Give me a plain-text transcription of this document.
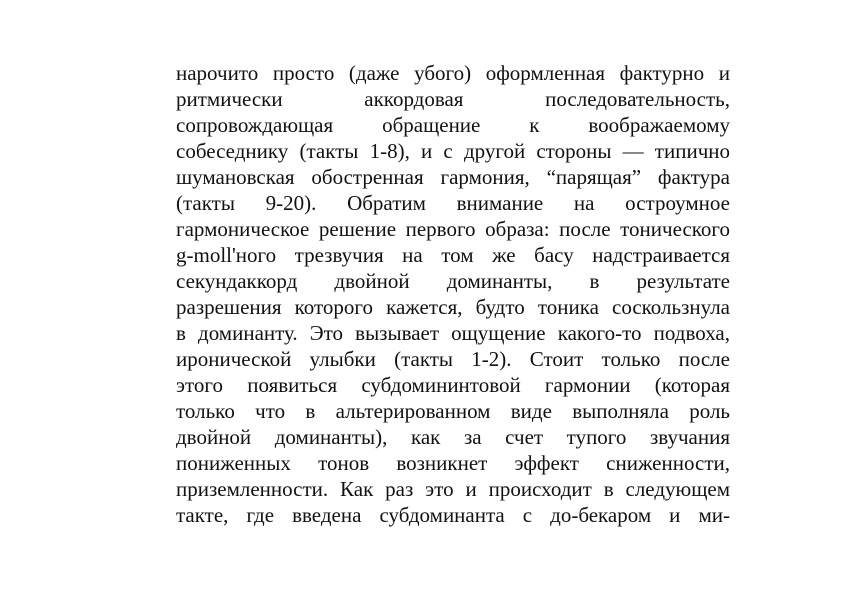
нарочито просто (даже убого) оформленная фактурно и
ритмически аккордовая последовательность,
сопровождающая обращение к воображаемому
собеседнику (такты 1-8), и с другой стороны — типично
шумановская обостренная гармония, “парящая” фактура
(такты 9-20). Обратим внимание на остроумное
гармоническое решение первого образа: после тонического
g-moll'ного трезвучия на том же басу надстраивается
секундаккорд двойной доминанты, в результате
разрешения которого кажется, будто тоника соскользнула
в доминанту. Это вызывает ощущение какого-то подвоха,
иронической улыбки (такты 1-2). Стоит только после
этого появиться субдомининтовой гармонии (которая
только что в альтерированном виде выполняла роль
двойной доминанты), как за счет тупого звучания
пониженных тонов возникнет эффект сниженности,
приземленности. Как раз это и происходит в следующем
такте, где введена субдоминанта с до-бекаром и ми-
